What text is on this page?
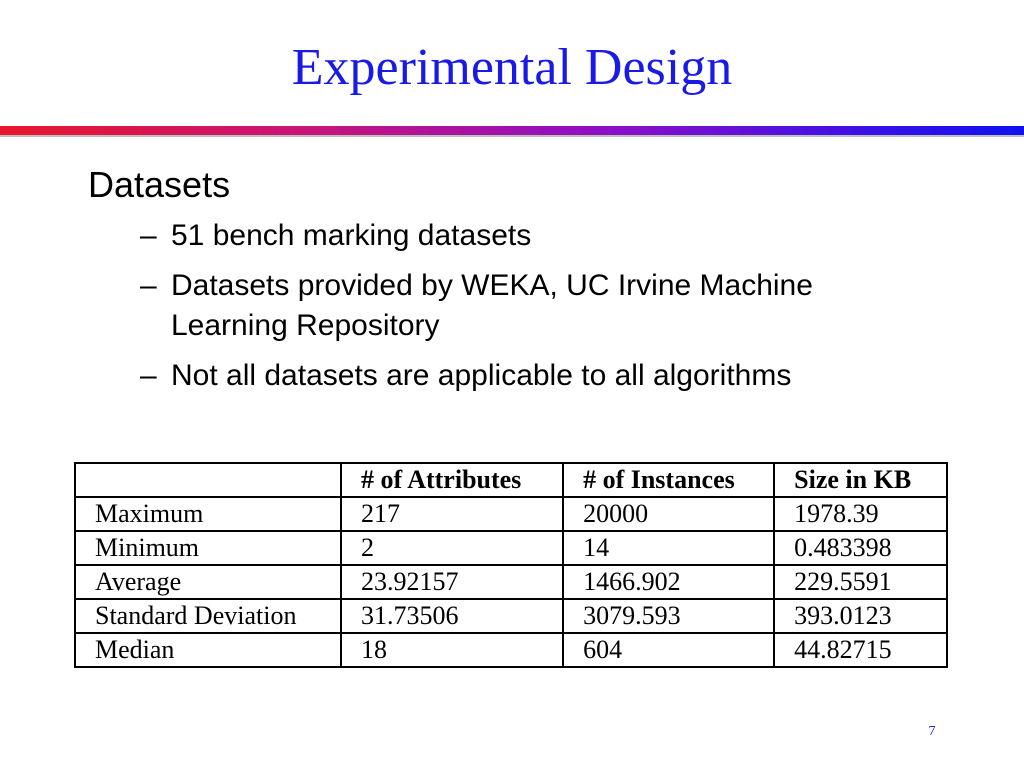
Experimental Design
Datasets
– 51 bench marking datasets
– Datasets provided by WEKA, UC Irvine Machine
Learning Repository
– Not all datasets are applicable to all algorithms
	# of Attributes	# of Instances	Size in KB
Maximum	217	20000	1978.39
Minimum	2	14	0.483398
Average	23.92157	1466.902	229.5591
Standard Deviation	31.73506	3079.593	393.0123
Median	18	604	44.82715
7
